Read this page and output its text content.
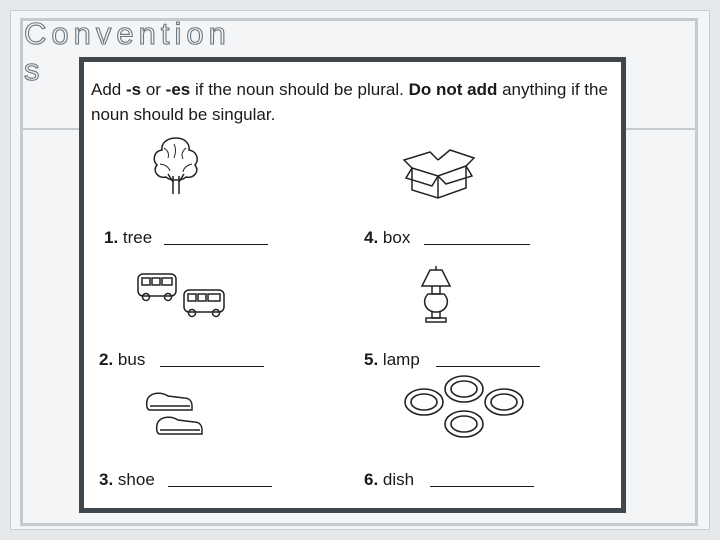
Conventions
Add -s or -es if the noun should be plural. Do not add anything if the noun should be singular.
1. tree	4. box
2. bus	5. lamp
3. shoe	6. dish
